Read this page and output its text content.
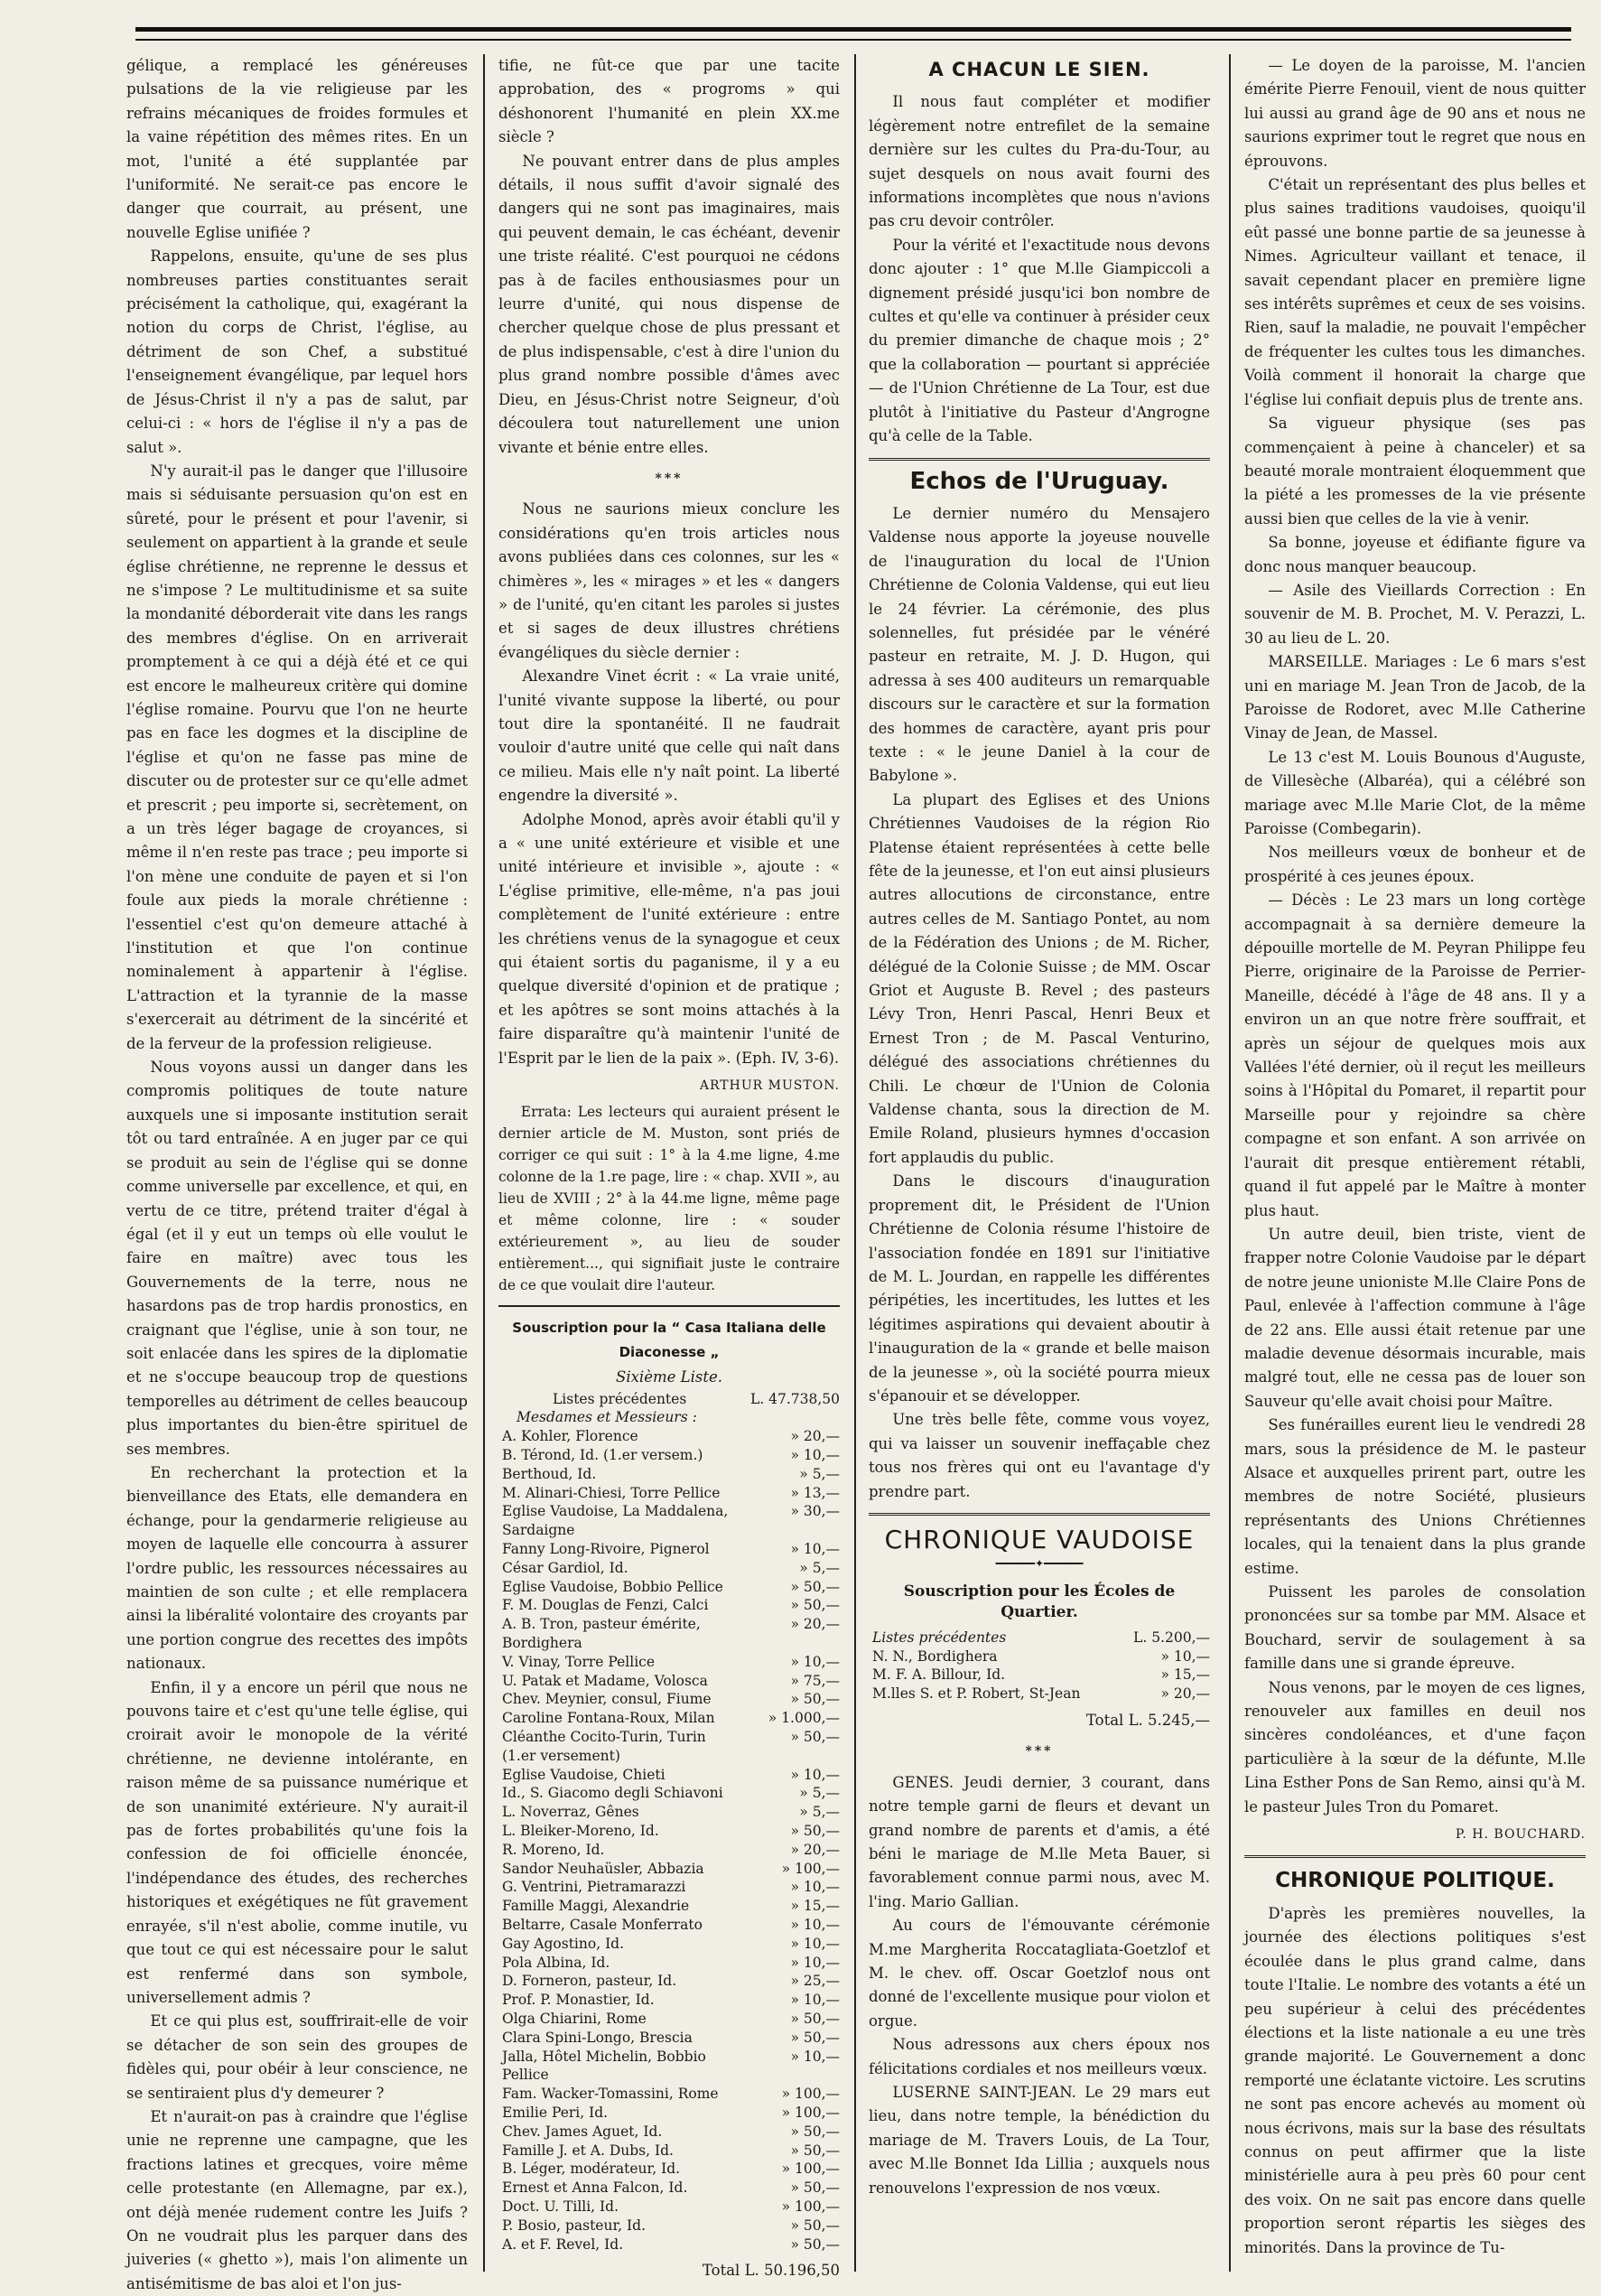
gélique, a remplacé les généreuses pulsations de la vie religieuse par les refrains mécaniques de froides formules et la vaine répétition des mêmes rites. En un mot, l'unité a été supplantée par l'uniformité. Ne serait-ce pas encore le danger que courrait, au présent, une nouvelle Eglise unifiée ?

Rappelons, ensuite, qu'une de ses plus nombreuses parties constituantes serait précisément la catholique, qui, exagérant la notion du corps de Christ, l'église, au détriment de son Chef, a substitué l'enseignement évangélique, par lequel hors de Jésus-Christ il n'y a pas de salut, par celui-ci : « hors de l'église il n'y a pas de salut ».

N'y aurait-il pas le danger que l'illusoire mais si séduisante persuasion qu'on est en sûreté, pour le présent et pour l'avenir, si seulement on appartient à la grande et seule église chrétienne, ne reprenne le dessus et ne s'impose ? Le multitudinisme et sa suite la mondanité déborderait vite dans les rangs des membres d'église. On en arriverait promptement à ce qui a déjà été et ce qui est encore le malheureux critère qui domine l'église romaine. Pourvu que l'on ne heurte pas en face les dogmes et la discipline de l'église et qu'on ne fasse pas mine de discuter ou de protester sur ce qu'elle admet et prescrit ; peu importe si, secrètement, on a un très léger bagage de croyances, si même il n'en reste pas trace ; peu importe si l'on mène une conduite de payen et si l'on foule aux pieds la morale chrétienne : l'essentiel c'est qu'on demeure attaché à l'institution et que l'on continue nominalement à appartenir à l'église. L'attraction et la tyrannie de la masse s'exercerait au détriment de la sincérité et de la ferveur de la profession religieuse.

Nous voyons aussi un danger dans les compromis politiques de toute nature auxquels une si imposante institution serait tôt ou tard entraînée. A en juger par ce qui se produit au sein de l'église qui se donne comme universelle par excellence, et qui, en vertu de ce titre, prétend traiter d'égal à égal (et il y eut un temps où elle voulut le faire en maître) avec tous les Gouvernements de la terre, nous ne hasardons pas de trop hardis pronostics, en craignant que l'église, unie à son tour, ne soit enlacée dans les spires de la diplomatie et ne s'occupe beaucoup trop de questions temporelles au détriment de celles beaucoup plus importantes du bien-être spirituel de ses membres.

En recherchant la protection et la bienveillance des Etats, elle demandera en échange, pour la gendarmerie religieuse au moyen de laquelle elle concourra à assurer l'ordre public, les ressources nécessaires au maintien de son culte ; et elle remplacera ainsi la libéralité volontaire des croyants par une portion congrue des recettes des impôts nationaux.

Enfin, il y a encore un péril que nous ne pouvons taire et c'est qu'une telle église, qui croirait avoir le monopole de la vérité chrétienne, ne devienne intolérante, en raison même de sa puissance numérique et de son unanimité extérieure. N'y aurait-il pas de fortes probabilités qu'une fois la confession de foi officielle énoncée, l'indépendance des études, des recherches historiques et exégétiques ne fût gravement enrayée, s'il n'est abolie, comme inutile, vu que tout ce qui est nécessaire pour le salut est renfermé dans son symbole, universellement admis ?

Et ce qui plus est, souffrirait-elle de voir se détacher de son sein des groupes de fidèles qui, pour obéir à leur conscience, ne se sentiraient plus d'y demeurer ?

Et n'aurait-on pas à craindre que l'église unie ne reprenne une campagne, que les fractions latines et grecques, voire même celle protestante (en Allemagne, par ex.), ont déjà menée rudement contre les Juifs ? On ne voudrait plus les parquer dans des juiveries (« ghetto »), mais l'on alimente un antisémitisme de bas aloi et l'on jus-

tifie, ne fût-ce que par une tacite approbation, des « progroms » qui déshonorent l'humanité en plein XX.me siècle ?

Ne pouvant entrer dans de plus amples détails, il nous suffit d'avoir signalé des dangers qui ne sont pas imaginaires, mais qui peuvent demain, le cas échéant, devenir une triste réalité. C'est pourquoi ne cédons pas à de faciles enthousiasmes pour un leurre d'unité, qui nous dispense de chercher quelque chose de plus pressant et de plus indispensable, c'est à dire l'union du plus grand nombre possible d'âmes avec Dieu, en Jésus-Christ notre Seigneur, d'où découlera tout naturellement une union vivante et bénie entre elles.

***

Nous ne saurions mieux conclure les considérations qu'en trois articles nous avons publiées dans ces colonnes, sur les « chimères », les « mirages » et les « dangers » de l'unité, qu'en citant les paroles si justes et si sages de deux illustres chrétiens évangéliques du siècle dernier :

Alexandre Vinet écrit : « La vraie unité, l'unité vivante suppose la liberté, ou pour tout dire la spontanéité. Il ne faudrait vouloir d'autre unité que celle qui naît dans ce milieu. Mais elle n'y naît point. La liberté engendre la diversité ».

Adolphe Monod, après avoir établi qu'il y a « une unité extérieure et visible et une unité intérieure et invisible », ajoute : « L'église primitive, elle-même, n'a pas joui complètement de l'unité extérieure : entre les chrétiens venus de la synagogue et ceux qui étaient sortis du paganisme, il y a eu quelque diversité d'opinion et de pratique ; et les apôtres se sont moins attachés à la faire disparaître qu'à maintenir l'unité de l'Esprit par le lien de la paix ». (Eph. IV, 3-6).

ARTHUR MUSTON.

Errata: Les lecteurs qui auraient présent le dernier article de M. Muston, sont priés de corriger ce qui suit : 1° à la 4.me ligne, 4.me colonne de la 1.re page, lire : « chap. XVII », au lieu de XVIII ; 2° à la 44.me ligne, même page et même colonne, lire : « souder extérieurement », au lieu de souder entièrement..., qui signifiait juste le contraire de ce que voulait dire l'auteur.

Souscription pour la “ Casa Italiana delle Diaconesse „
Sixième Liste.
Listes précédentes	L. 47.738,50
Mesdames et Messieurs :
A. Kohler, Florence	» 20,—
B. Térond, Id. (1.er versem.)	» 10,—
Berthoud, Id.	» 5,—
M. Alinari-Chiesi, Torre Pellice	» 13,—
Eglise Vaudoise, La Maddalena, Sardaigne
» 30,—
Fanny Long-Rivoire, Pignerol	» 10,—
César Gardiol, Id.	» 5,—
Eglise Vaudoise, Bobbio Pellice	» 50,—
F. M. Douglas de Fenzi, Calci	» 50,—
A. B. Tron, pasteur émérite, Bordighera
» 20,—
V. Vinay, Torre Pellice	» 10,—
U. Patak et Madame, Volosca	» 75,—
Chev. Meynier, consul, Fiume	» 50,—
Caroline Fontana-Roux, Milan	» 1.000,—
Cléanthe Cocito-Turin, Turin (1.er versement)
» 50,—
Eglise Vaudoise, Chieti	» 10,—
Id., S. Giacomo degli Schiavoni	» 5,—
L. Noverraz, Gênes	» 5,—
L. Bleiker-Moreno, Id.	» 50,—
R. Moreno, Id.	» 20,—
Sandor Neuhaüsler, Abbazia	» 100,—
G. Ventrini, Pietramarazzi	» 10,—
Famille Maggi, Alexandrie	» 15,—
Beltarre, Casale Monferrato	» 10,—
Gay Agostino, Id.	» 10,—
Pola Albina, Id.	» 10,—
D. Forneron, pasteur, Id.	» 25,—
Prof. P. Monastier, Id.	» 10,—
Olga Chiarini, Rome	» 50,—
Clara Spini-Longo, Brescia	» 50,—
Jalla, Hôtel Michelin, Bobbio Pellice
» 10,—
Fam. Wacker-Tomassini, Rome	» 100,—
Emilie Peri, Id.	» 100,—
Chev. James Aguet, Id.	» 50,—
Famille J. et A. Dubs, Id.	» 50,—
B. Léger, modérateur, Id.	» 100,—
Ernest et Anna Falcon, Id.	» 50,—
Doct. U. Tilli, Id.	» 100,—
P. Bosio, pasteur, Id.	» 50,—
A. et F. Revel, Id.	» 50,—
Total L. 50.196,50
A CHACUN LE SIEN.

Il nous faut compléter et modifier légèrement notre entrefilet de la semaine dernière sur les cultes du Pra-du-Tour, au sujet desquels on nous avait fourni des informations incomplètes que nous n'avions pas cru devoir contrôler.

Pour la vérité et l'exactitude nous devons donc ajouter : 1° que M.lle Giampiccoli a dignement présidé jusqu'ici bon nombre de cultes et qu'elle va continuer à présider ceux du premier dimanche de chaque mois ; 2° que la collaboration — pourtant si appréciée — de l'Union Chrétienne de La Tour, est due plutôt à l'initiative du Pasteur d'Angrogne qu'à celle de la Table.

Echos de l'Uruguay.

Le dernier numéro du Mensajero Valdense nous apporte la joyeuse nouvelle de l'inauguration du local de l'Union Chrétienne de Colonia Valdense, qui eut lieu le 24 février. La cérémonie, des plus solennelles, fut présidée par le vénéré pasteur en retraite, M. J. D. Hugon, qui adressa à ses 400 auditeurs un remarquable discours sur le caractère et sur la formation des hommes de caractère, ayant pris pour texte : « le jeune Daniel à la cour de Babylone ».

La plupart des Eglises et des Unions Chrétiennes Vaudoises de la région Rio Platense étaient représentées à cette belle fête de la jeunesse, et l'on eut ainsi plusieurs autres allocutions de circonstance, entre autres celles de M. Santiago Pontet, au nom de la Fédération des Unions ; de M. Richer, délégué de la Colonie Suisse ; de MM. Oscar Griot et Auguste B. Revel ; des pasteurs Lévy Tron, Henri Pascal, Henri Beux et Ernest Tron ; de M. Pascal Venturino, délégué des associations chrétiennes du Chili. Le chœur de l'Union de Colonia Valdense chanta, sous la direction de M. Emile Roland, plusieurs hymnes d'occasion fort applaudis du public.

Dans le discours d'inauguration proprement dit, le Président de l'Union Chrétienne de Colonia résume l'histoire de l'association fondée en 1891 sur l'initiative de M. L. Jourdan, en rappelle les différentes péripéties, les incertitudes, les luttes et les légitimes aspirations qui devaient aboutir à l'inauguration de la « grande et belle maison de la jeunesse », où la société pourra mieux s'épanouir et se développer.

Une très belle fête, comme vous voyez, qui va laisser un souvenir ineffaçable chez tous nos frères qui ont eu l'avantage d'y prendre part.

CHRONIQUE VAUDOISE
━━━━━━✦━━━━━━
Souscription pour les Écoles de Quartier.
Listes précédentes	L. 5.200,—
N. N., Bordighera	» 10,—
M. F. A. Billour, Id.	» 15,—
M.lles S. et P. Robert, St-Jean	» 20,—
Total L. 5.245,—
***

GENES. Jeudi dernier, 3 courant, dans notre temple garni de fleurs et devant un grand nombre de parents et d'amis, a été béni le mariage de M.lle Meta Bauer, si favorablement connue parmi nous, avec M. l'ing. Mario Gallian.

Au cours de l'émouvante cérémonie M.me Margherita Roccatagliata-Goetzlof et M. le chev. off. Oscar Goetzlof nous ont donné de l'excellente musique pour violon et orgue.

Nous adressons aux chers époux nos félicitations cordiales et nos meilleurs vœux.

LUSERNE SAINT-JEAN. Le 29 mars eut lieu, dans notre temple, la bénédiction du mariage de M. Travers Louis, de La Tour, avec M.lle Bonnet Ida Lillia ; auxquels nous renouvelons l'expression de nos vœux.

— Le doyen de la paroisse, M. l'ancien émérite Pierre Fenouil, vient de nous quitter lui aussi au grand âge de 90 ans et nous ne saurions exprimer tout le regret que nous en éprouvons.

C'était un représentant des plus belles et plus saines traditions vaudoises, quoiqu'il eût passé une bonne partie de sa jeunesse à Nimes. Agriculteur vaillant et tenace, il savait cependant placer en première ligne ses intérêts suprêmes et ceux de ses voisins. Rien, sauf la maladie, ne pouvait l'empêcher de fréquenter les cultes tous les dimanches. Voilà comment il honorait la charge que l'église lui confiait depuis plus de trente ans.

Sa vigueur physique (ses pas commençaient à peine à chanceler) et sa beauté morale montraient éloquemment que la piété a les promesses de la vie présente aussi bien que celles de la vie à venir.

Sa bonne, joyeuse et édifiante figure va donc nous manquer beaucoup.

— Asile des Vieillards Correction : En souvenir de M. B. Prochet, M. V. Perazzi, L. 30 au lieu de L. 20.

MARSEILLE. Mariages : Le 6 mars s'est uni en mariage M. Jean Tron de Jacob, de la Paroisse de Rodoret, avec M.lle Catherine Vinay de Jean, de Massel.

Le 13 c'est M. Louis Bounous d'Auguste, de Villesèche (Albaréa), qui a célébré son mariage avec M.lle Marie Clot, de la même Paroisse (Combegarin).

Nos meilleurs vœux de bonheur et de prospérité à ces jeunes époux.

— Décès : Le 23 mars un long cortège accompagnait à sa dernière demeure la dépouille mortelle de M. Peyran Philippe feu Pierre, originaire de la Paroisse de Perrier-Maneille, décédé à l'âge de 48 ans. Il y a environ un an que notre frère souffrait, et après un séjour de quelques mois aux Vallées l'été dernier, où il reçut les meilleurs soins à l'Hôpital du Pomaret, il repartit pour Marseille pour y rejoindre sa chère compagne et son enfant. A son arrivée on l'aurait dit presque entièrement rétabli, quand il fut appelé par le Maître à monter plus haut.

Un autre deuil, bien triste, vient de frapper notre Colonie Vaudoise par le départ de notre jeune unioniste M.lle Claire Pons de Paul, enlevée à l'affection commune à l'âge de 22 ans. Elle aussi était retenue par une maladie devenue désormais incurable, mais malgré tout, elle ne cessa pas de louer son Sauveur qu'elle avait choisi pour Maître.

Ses funérailles eurent lieu le vendredi 28 mars, sous la présidence de M. le pasteur Alsace et auxquelles prirent part, outre les membres de notre Société, plusieurs représentants des Unions Chrétiennes locales, qui la tenaient dans la plus grande estime.

Puissent les paroles de consolation prononcées sur sa tombe par MM. Alsace et Bouchard, servir de soulagement à sa famille dans une si grande épreuve.

Nous venons, par le moyen de ces lignes, renouveler aux familles en deuil nos sincères condoléances, et d'une façon particulière à la sœur de la défunte, M.lle Lina Esther Pons de San Remo, ainsi qu'à M. le pasteur Jules Tron du Pomaret.

P. H. BOUCHARD.
CHRONIQUE POLITIQUE.

D'après les premières nouvelles, la journée des élections politiques s'est écoulée dans le plus grand calme, dans toute l'Italie. Le nombre des votants a été un peu supérieur à celui des précédentes élections et la liste nationale a eu une très grande majorité. Le Gouvernement a donc remporté une éclatante victoire. Les scrutins ne sont pas encore achevés au moment où nous écrivons, mais sur la base des résultats connus on peut affirmer que la liste ministérielle aura à peu près 60 pour cent des voix. On ne sait pas encore dans quelle proportion seront répartis les sièges des minorités. Dans la province de Tu-
